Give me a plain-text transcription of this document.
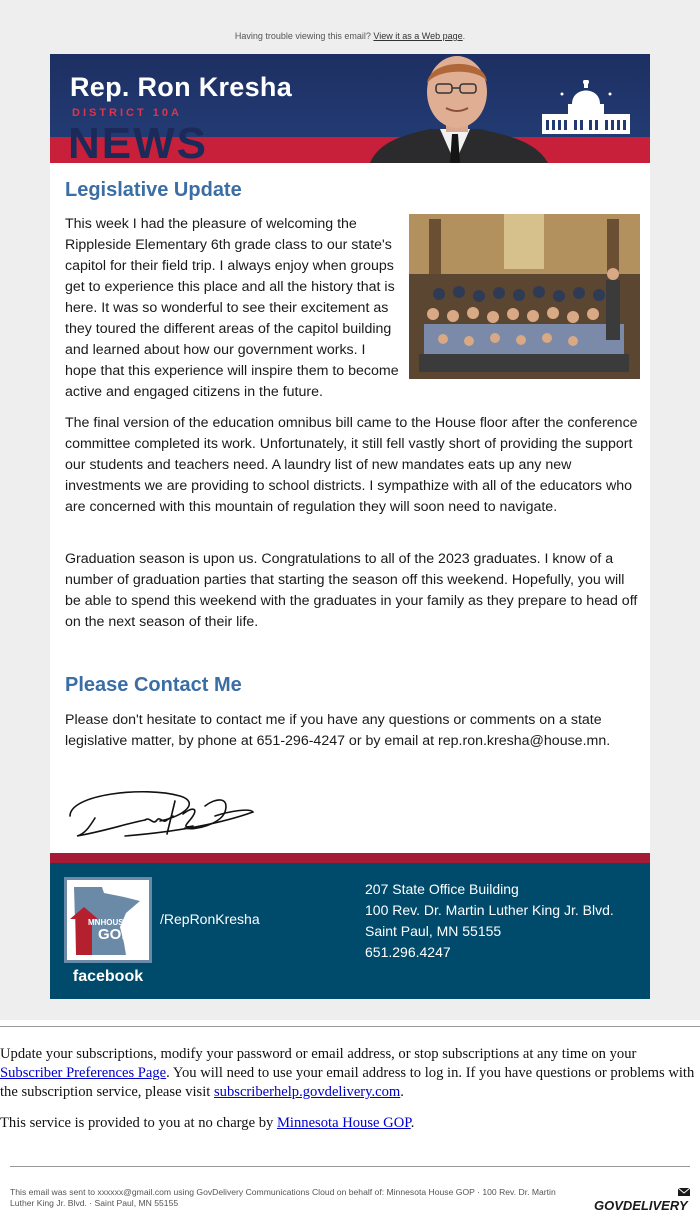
Having trouble viewing this email? View it as a Web page.
NEWS
Rep. Ron Kresha
DISTRICT 10A
Legislative Update

This week I had the pleasure of welcoming the Rippleside Elementary 6th grade class to our state's capitol for their field trip. I always enjoy when groups get to experience this place and all the history that is here. It was so wonderful to see their excitement as they toured the different areas of the capitol building and learned about how our government works. I hope that this experience will inspire them to become active and engaged citizens in the future.

The final version of the education omnibus bill came to the House floor after the conference committee completed its work. Unfortunately, it still fell vastly short of providing the support our students and teachers need. A laundry list of new mandates eats up any new investments we are providing to school districts. I sympathize with all of the educators who are concerned with this mountain of regulation they will soon need to navigate.

Graduation season is upon us. Congratulations to all of the 2023 graduates. I know of a number of graduation parties that starting the season off this weekend. Hopefully, you will be able to spend this weekend with the graduates in your family as they prepare to head off on the next season of their life.

Please Contact Me

Please don't hesitate to contact me if you have any questions or comments on a state legislative matter, by phone at 651-296-4247 or by email at rep.ron.kresha@house.mn.

MNHOUSE
GOP
facebook
/RepRonKresha
207 State Office Building
100 Rev. Dr. Martin Luther King Jr. Blvd.
Saint Paul, MN 55155
651.296.4247
Update your subscriptions, modify your password or email address, or stop subscriptions at any time on your Subscriber Preferences Page. You will need to use your email address to log in. If you have questions or problems with the subscription service, please visit subscriberhelp.govdelivery.com.
This service is provided to you at no charge by Minnesota House GOP.
This email was sent to xxxxxx@gmail.com using GovDelivery Communications Cloud on behalf of: Minnesota House GOP · 100 Rev. Dr. Martin Luther King Jr. Blvd. · Saint Paul, MN 55155	GOVDELIVERY
